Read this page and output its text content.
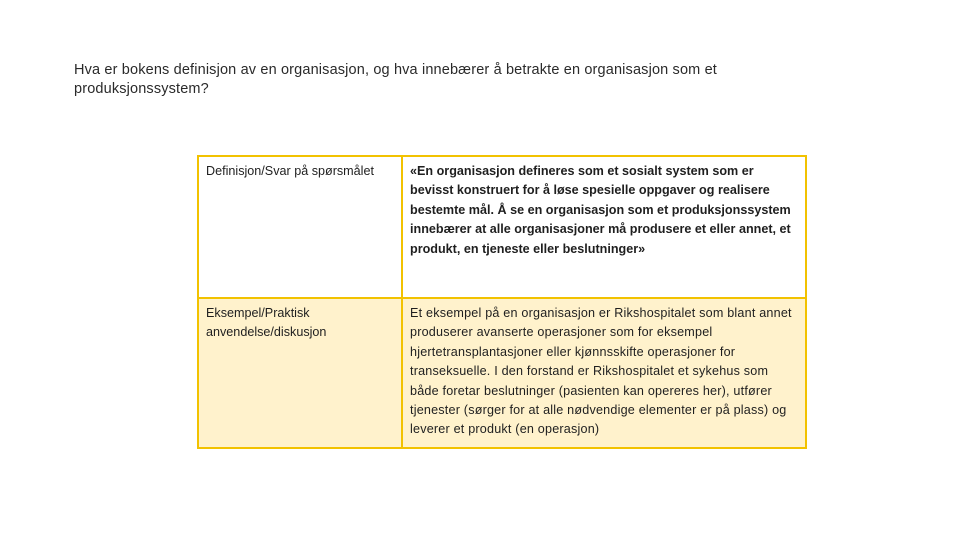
Hva er bokens definisjon av en organisasjon, og hva innebærer å betrakte en organisasjon som et produksjonssystem?
Definisjon/Svar på spørsmålet	«En organisasjon defineres som et sosialt system som er bevisst konstruert for å løse spesielle oppgaver og realisere bestemte mål. Å se en organisasjon som et produksjonssystem innebærer at alle organisasjoner må produsere et eller annet, et produkt, en tjeneste eller beslutninger»
Eksempel/Praktisk anvendelse/diskusjon	Et eksempel på en organisasjon er Rikshospitalet som blant annet produserer avanserte operasjoner som for eksempel hjertetransplantasjoner eller kjønnsskifte operasjoner for transeksuelle. I den forstand er Rikshospitalet et sykehus som både foretar beslutninger (pasienten kan opereres her), utfører tjenester (sørger for at alle nødvendige elementer er på plass) og leverer et produkt (en operasjon)
